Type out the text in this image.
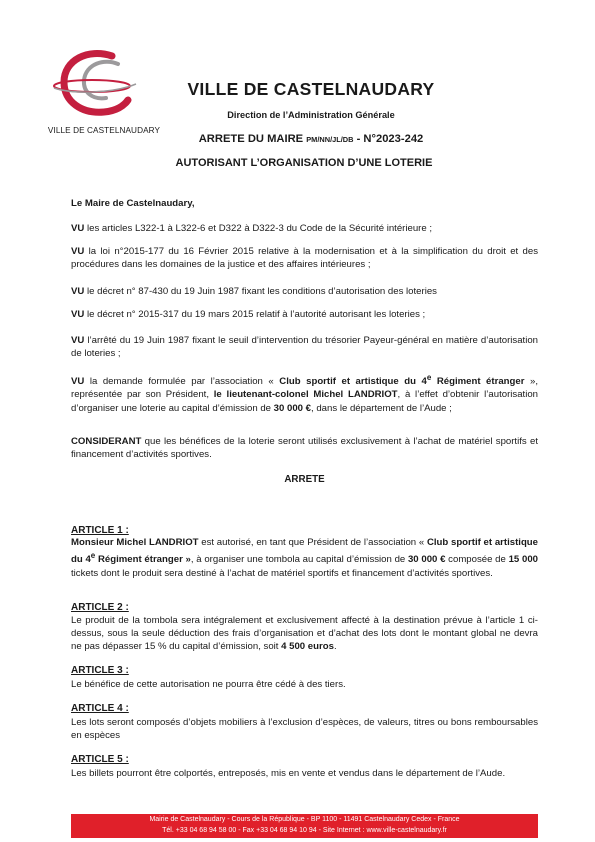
VILLE DE CASTELNAUDARY
VILLE DE CASTELNAUDARY
Direction de l’Administration Générale
ARRETE DU MAIRE PM/NN/JL/DB - N°2023-242
AUTORISANT L’ORGANISATION D’UNE LOTERIE
Le Maire de Castelnaudary,
VU les articles L322-1 à L322-6 et D322 à D322-3 du Code de la Sécurité intérieure ;
VU la loi n°2015-177 du 16 Février 2015 relative à la modernisation et à la simplification du droit et des procédures dans les domaines de la justice et des affaires intérieures ;
VU le décret n° 87-430 du 19 Juin 1987 fixant les conditions d’autorisation des loteries
VU le décret n° 2015-317 du 19 mars 2015 relatif à l’autorité autorisant les loteries ;
VU l’arrêté du 19 Juin 1987 fixant le seuil d’intervention du trésorier Payeur-général en matière d’autorisation de loteries ;
VU la demande formulée par l’association « Club sportif et artistique du 4e Régiment étranger », représentée par son Président, le lieutenant-colonel Michel LANDRIOT, à l’effet d’obtenir l’autorisation d’organiser une loterie au capital d’émission de 30 000 €, dans le département de l’Aude ;
CONSIDERANT que les bénéfices de la loterie seront utilisés exclusivement à l’achat de matériel sportifs et financement d’activités sportives.
ARRETE
ARTICLE 1 :
Monsieur Michel LANDRIOT est autorisé, en tant que Président de l’association « Club sportif et artistique du 4e Régiment étranger », à organiser une tombola au capital d’émission de 30 000 € composée de 15 000 tickets dont le produit sera destiné à l’achat de matériel sportifs et financement d’activités sportives.
ARTICLE 2 :
Le produit de la tombola sera intégralement et exclusivement affecté à la destination prévue à l’article 1 ci-dessus, sous la seule déduction des frais d’organisation et d’achat des lots dont le montant global ne devra ne pas dépasser 15 % du capital d’émission, soit 4 500 euros.
ARTICLE 3 :
Le bénéfice de cette autorisation ne pourra être cédé à des tiers.
ARTICLE 4 :
Les lots seront composés d’objets mobiliers à l’exclusion d’espèces, de valeurs, titres ou bons remboursables en espèces
ARTICLE 5 :
Les billets pourront être colportés, entreposés, mis en vente et vendus dans le département de l’Aude.
Mairie de Castelnaudary - Cours de la République - BP 1100 - 11491 Castelnaudary Cedex - France
Tél. +33 04 68 94 58 00 - Fax +33 04 68 94 10 94 - Site Internet : www.ville-castelnaudary.fr
